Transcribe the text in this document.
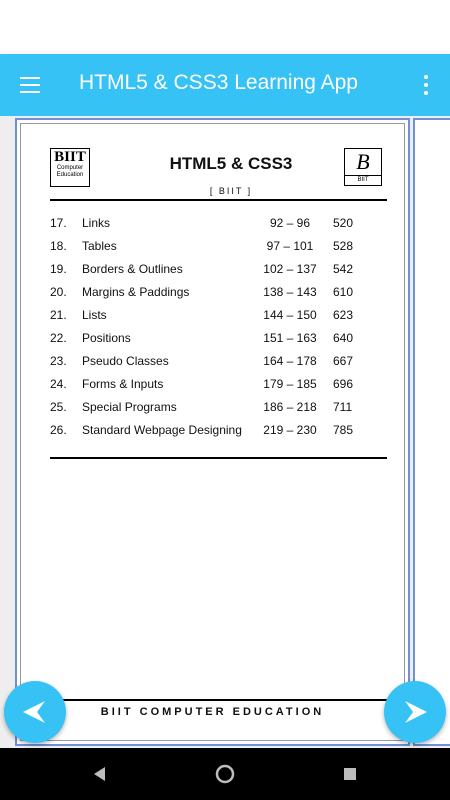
HTML5 & CSS3 Learning App
BIIT
Computer
Education
HTML5 & CSS3
[ BIIT ]
B
BIIT
17. Links	92 – 96	520
18. Tables	97 – 101	528
19. Borders & Outlines	102 – 137 542
20. Margins & Paddings	138 – 143 610
21. Lists	144 – 150 623
22. Positions	151 – 163 640
23. Pseudo Classes	164 – 178 667
24. Forms & Inputs	179 – 185 696
25. Special Programs	186 – 218 711
26. Standard Webpage Designing 219 – 230 785
BIIT COMPUTER EDUCATION
